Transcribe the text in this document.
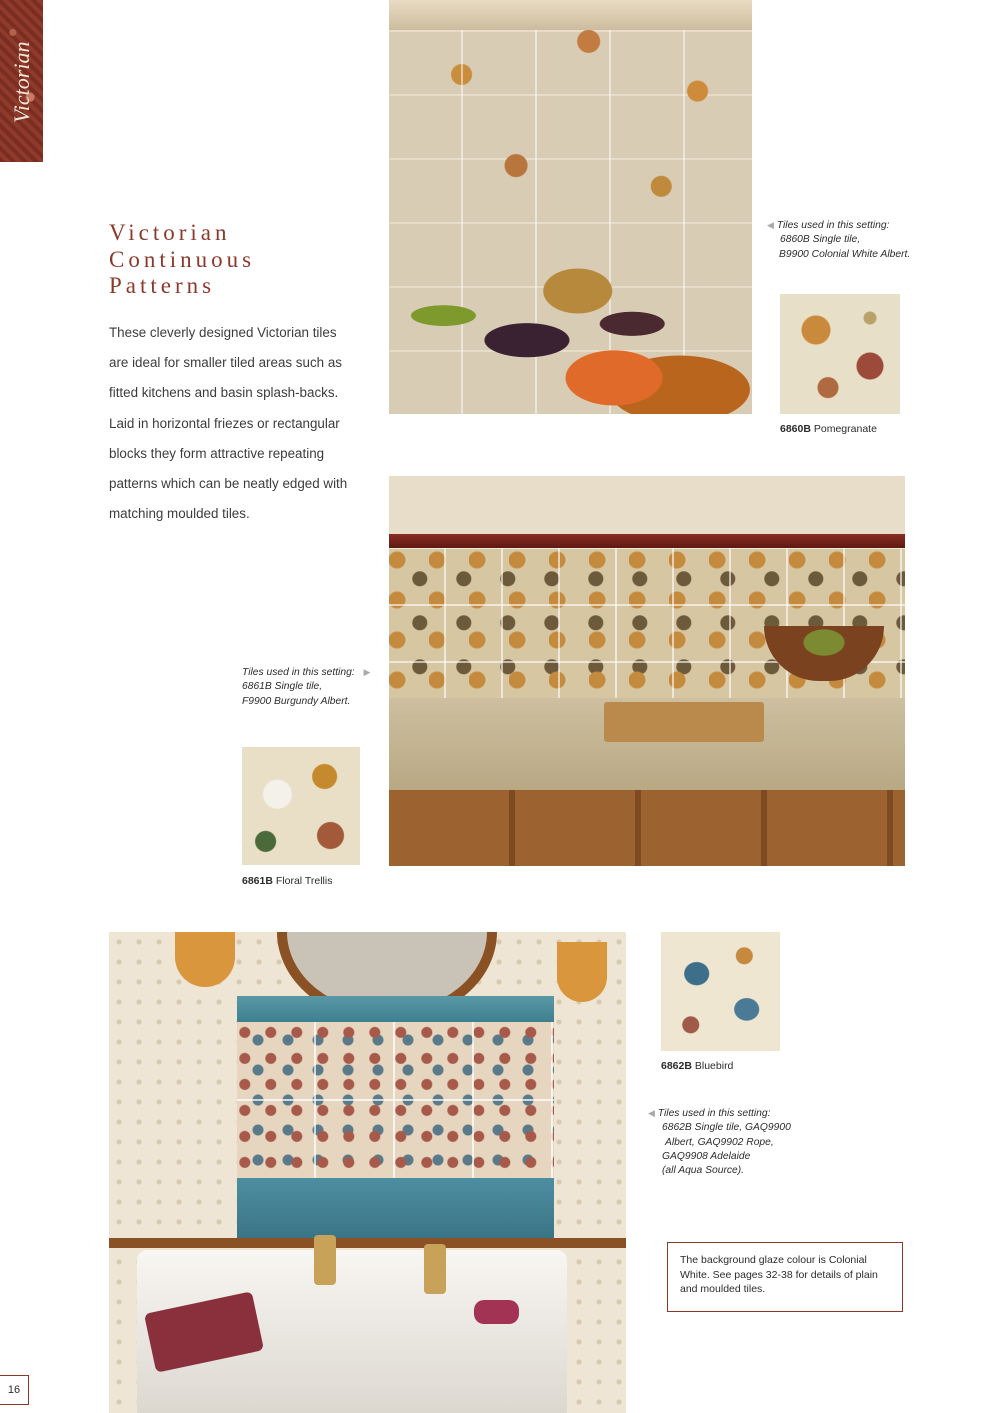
Victorian
Victorian
Continuous
Patterns
These cleverly designed Victorian tiles are ideal for smaller tiled areas such as fitted kitchens and basin splash-backs. Laid in horizontal friezes or rectangular blocks they form attractive repeating patterns which can be neatly edged with matching moulded tiles.
◀ Tiles used in this setting:
6860B Single tile,
B9900 Colonial White Albert.
6860B Pomegranate
Tiles used in this setting: ▶
6861B Single tile,
F9900 Burgundy Albert.
6861B Floral Trellis
6862B Bluebird
◀ Tiles used in this setting:
6862B Single tile, GAQ9900
Albert, GAQ9902 Rope,
GAQ9908 Adelaide
(all Aqua Source).
The background glaze colour is Colonial White. See pages 32-38 for details of plain and moulded tiles.
16
